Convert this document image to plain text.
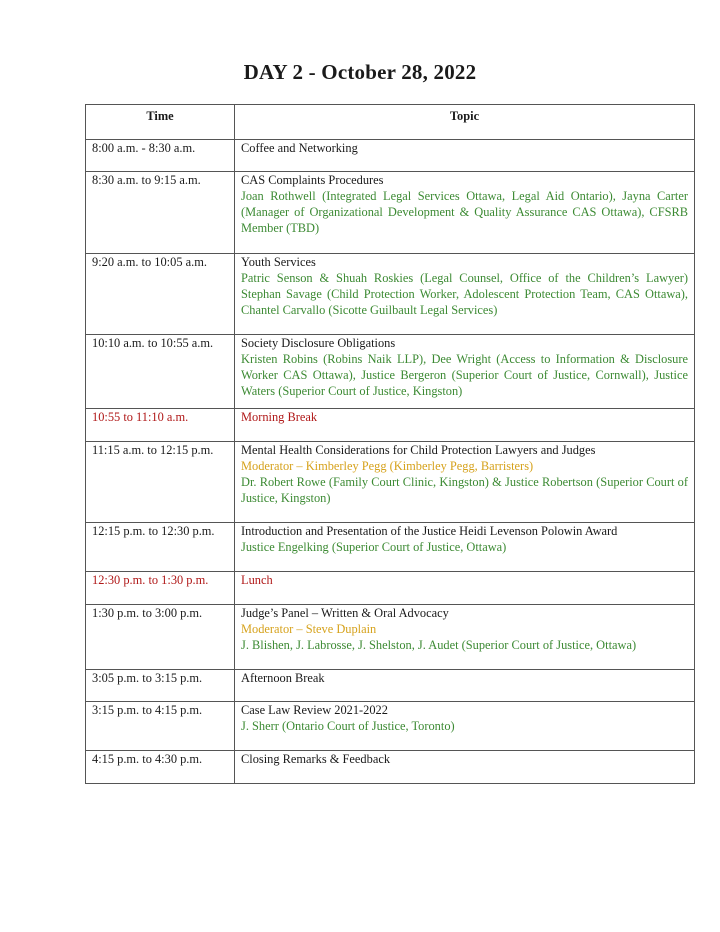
DAY 2 - October 28, 2022
Time	Topic
8:00 a.m. - 8:30 a.m.	Coffee and Networking

8:30 a.m. to 9:15 a.m.	CAS Complaints Procedures
Joan Rothwell (Integrated Legal Services Ottawa, Legal Aid Ontario), Jayna Carter (Manager of Organizational Development & Quality Assurance CAS Ottawa), CFSRB Member (TBD)

9:20 a.m. to 10:05 a.m.	Youth Services
Patric Senson & Shuah Roskies (Legal Counsel, Office of the Children’s Lawyer) Stephan Savage (Child Protection Worker, Adolescent Protection Team, CAS Ottawa), Chantel Carvallo (Sicotte Guilbault Legal Services)

10:10 a.m. to 10:55 a.m.	Society Disclosure Obligations
Kristen Robins (Robins Naik LLP), Dee Wright (Access to Information & Disclosure Worker CAS Ottawa), Justice Bergeron (Superior Court of Justice, Cornwall), Justice Waters (Superior Court of Justice, Kingston)

10:55 to 11:10 a.m.	Morning Break

11:15 a.m. to 12:15 p.m.	Mental Health Considerations for Child Protection Lawyers and Judges
Moderator – Kimberley Pegg (Kimberley Pegg, Barristers)
Dr. Robert Rowe (Family Court Clinic, Kingston) & Justice Robertson (Superior Court of Justice, Kingston)

12:15 p.m. to 12:30 p.m.	Introduction and Presentation of the Justice Heidi Levenson Polowin Award
Justice Engelking (Superior Court of Justice, Ottawa)

12:30 p.m. to 1:30 p.m.	Lunch

1:30 p.m. to 3:00 p.m.	Judge’s Panel – Written & Oral Advocacy
Moderator – Steve Duplain
J. Blishen, J. Labrosse, J. Shelston, J. Audet (Superior Court of Justice, Ottawa)

3:05 p.m. to 3:15 p.m.	Afternoon Break

3:15 p.m. to 4:15 p.m.	Case Law Review 2021-2022
J. Sherr (Ontario Court of Justice, Toronto)

4:15 p.m. to 4:30 p.m.	Closing Remarks & Feedback
